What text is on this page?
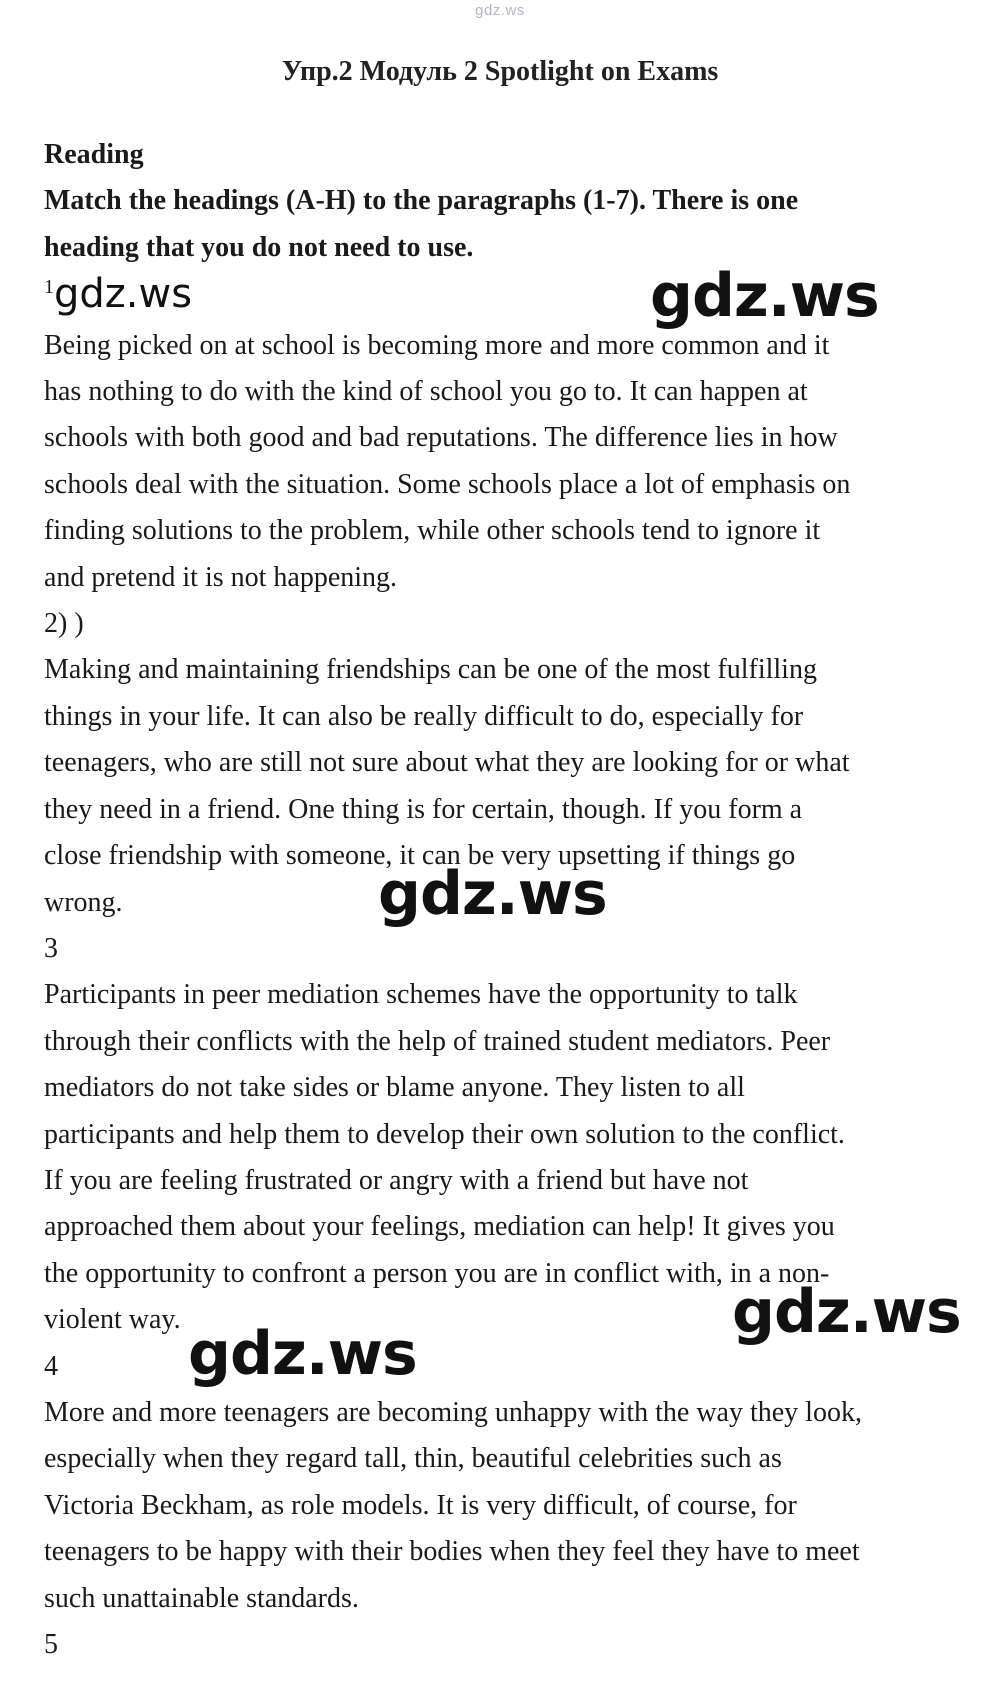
gdz.ws
Упр.2 Модуль 2 Spotlight on Exams

Reading

Match the headings (A-H) to the paragraphs (1-7). There is one

heading that you do not need to use.

$^1$gdz.ws

Being picked on at school is becoming more and more common and it

has nothing to do with the kind of school you go to. It can happen at

schools with both good and bad reputations. The difference lies in how

schools deal with the situation. Some schools place a lot of emphasis on

finding solutions to the problem, while other schools tend to ignore it

and pretend it is not happening.

2) )

Making and maintaining friendships can be one of the most fulfilling

things in your life. It can also be really difficult to do, especially for

teenagers, who are still not sure about what they are looking for or what

they need in a friend. One thing is for certain, though. If you form a

close friendship with someone, it can be very upsetting if things go

wrong.

3

Participants in peer mediation schemes have the opportunity to talk

through their conflicts with the help of trained student mediators. Peer

mediators do not take sides or blame anyone. They listen to all

participants and help them to develop their own solution to the conflict.

If you are feeling frustrated or angry with a friend but have not

approached them about your feelings, mediation can help! It gives you

the opportunity to confront a person you are in conflict with, in a non-

violent way.

4

More and more teenagers are becoming unhappy with the way they look,

especially when they regard tall, thin, beautiful celebrities such as

Victoria Beckham, as role models. It is very difficult, of course, for

teenagers to be happy with their bodies when they feel they have to meet

such unattainable standards.

5

gdz.ws
gdz.ws
gdz.ws
gdz.ws
